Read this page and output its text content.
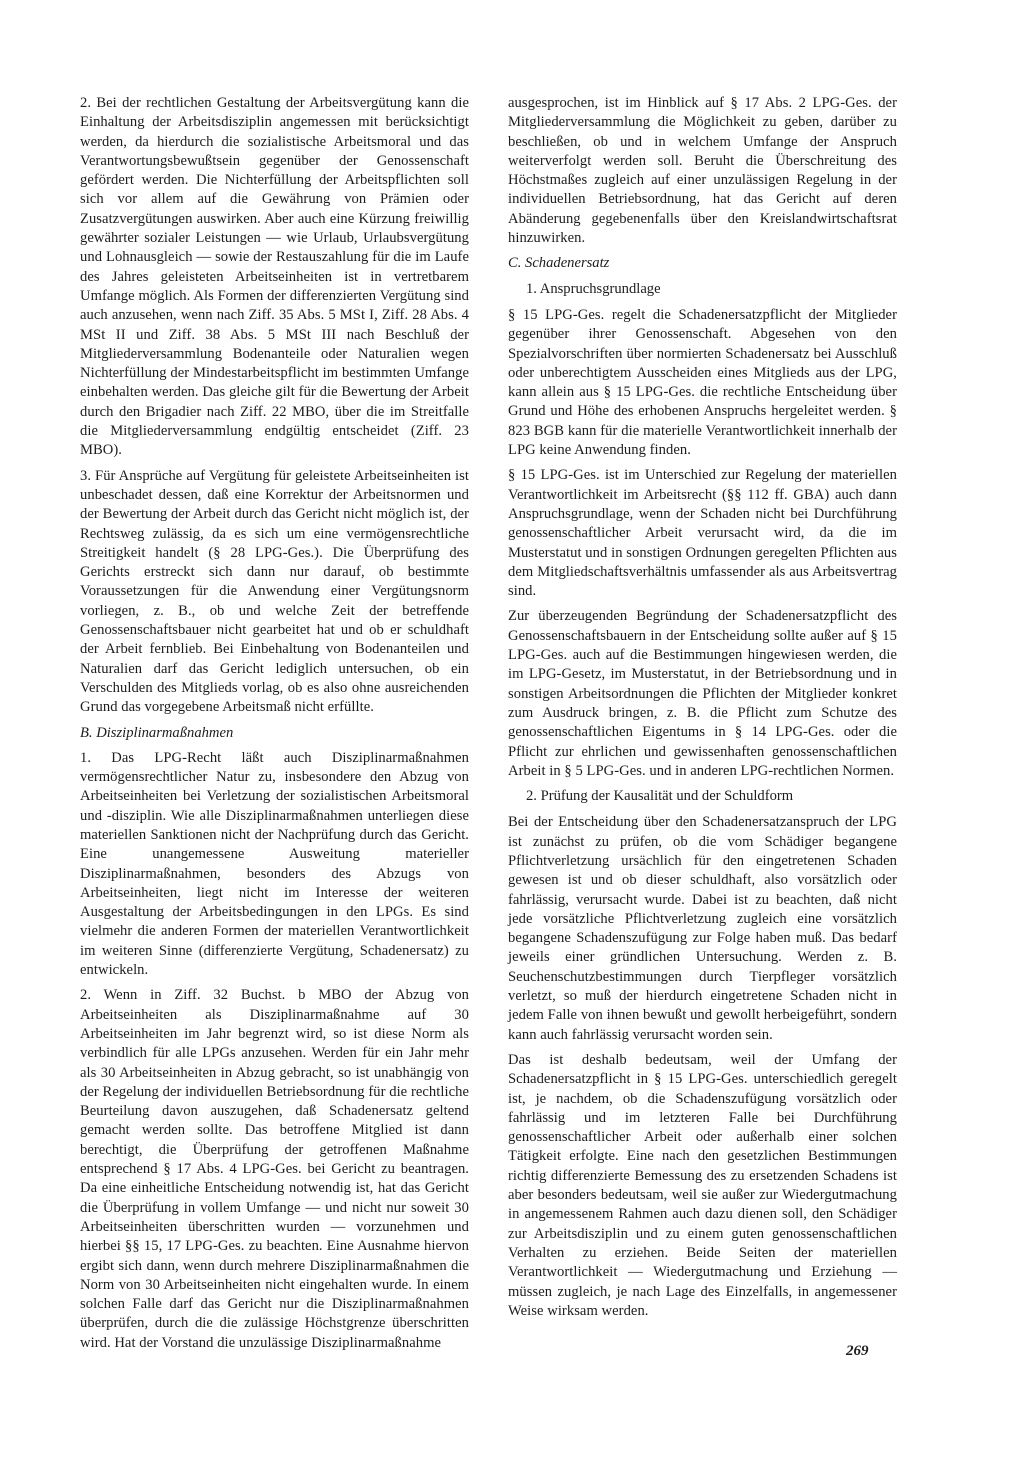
2. Bei der rechtlichen Gestaltung der Arbeitsvergütung kann die Einhaltung der Arbeitsdisziplin angemessen mit berücksichtigt werden, da hierdurch die sozialistische Arbeitsmoral und das Verantwortungsbewußtsein gegenüber der Genossenschaft gefördert werden. Die Nichterfüllung der Arbeitspflichten soll sich vor allem auf die Gewährung von Prämien oder Zusatzvergütungen auswirken. Aber auch eine Kürzung freiwillig gewährter sozialer Leistungen — wie Urlaub, Urlaubsvergütung und Lohnausgleich — sowie der Restauszahlung für die im Laufe des Jahres geleisteten Arbeitseinheiten ist in vertretbarem Umfange möglich. Als Formen der differenzierten Vergütung sind auch anzusehen, wenn nach Ziff. 35 Abs. 5 MSt I, Ziff. 28 Abs. 4 MSt II und Ziff. 38 Abs. 5 MSt III nach Beschluß der Mitgliederversammlung Bodenanteile oder Naturalien wegen Nichterfüllung der Mindestarbeitspflicht im bestimmten Umfange einbehalten werden. Das gleiche gilt für die Bewertung der Arbeit durch den Brigadier nach Ziff. 22 MBO, über die im Streitfalle die Mitgliederversammlung endgültig entscheidet (Ziff. 23 MBO).

3. Für Ansprüche auf Vergütung für geleistete Arbeitseinheiten ist unbeschadet dessen, daß eine Korrektur der Arbeitsnormen und der Bewertung der Arbeit durch das Gericht nicht möglich ist, der Rechtsweg zulässig, da es sich um eine vermögensrechtliche Streitigkeit handelt (§ 28 LPG-Ges.). Die Überprüfung des Gerichts erstreckt sich dann nur darauf, ob bestimmte Voraussetzungen für die Anwendung einer Vergütungsnorm vorliegen, z. B., ob und welche Zeit der betreffende Genossenschaftsbauer nicht gearbeitet hat und ob er schuldhaft der Arbeit fernblieb. Bei Einbehaltung von Bodenanteilen und Naturalien darf das Gericht lediglich untersuchen, ob ein Verschulden des Mitglieds vorlag, ob es also ohne ausreichenden Grund das vorgegebene Arbeitsmaß nicht erfüllte.

B. Disziplinarmaßnahmen

1. Das LPG-Recht läßt auch Disziplinarmaßnahmen vermögensrechtlicher Natur zu, insbesondere den Abzug von Arbeitseinheiten bei Verletzung der sozialistischen Arbeitsmoral und -disziplin. Wie alle Disziplinarmaßnahmen unterliegen diese materiellen Sanktionen nicht der Nachprüfung durch das Gericht. Eine unangemessene Ausweitung materieller Disziplinarmaßnahmen, besonders des Abzugs von Arbeitseinheiten, liegt nicht im Interesse der weiteren Ausgestaltung der Arbeitsbedingungen in den LPGs. Es sind vielmehr die anderen Formen der materiellen Verantwortlichkeit im weiteren Sinne (differenzierte Vergütung, Schadenersatz) zu entwickeln.

2. Wenn in Ziff. 32 Buchst. b MBO der Abzug von Arbeitseinheiten als Disziplinarmaßnahme auf 30 Arbeitseinheiten im Jahr begrenzt wird, so ist diese Norm als verbindlich für alle LPGs anzusehen. Werden für ein Jahr mehr als 30 Arbeitseinheiten in Abzug gebracht, so ist unabhängig von der Regelung der individuellen Betriebsordnung für die rechtliche Beurteilung davon auszugehen, daß Schadenersatz geltend gemacht werden sollte. Das betroffene Mitglied ist dann berechtigt, die Überprüfung der getroffenen Maßnahme entsprechend § 17 Abs. 4 LPG-Ges. bei Gericht zu beantragen. Da eine einheitliche Entscheidung notwendig ist, hat das Gericht die Überprüfung in vollem Umfange — und nicht nur soweit 30 Arbeitseinheiten überschritten wurden — vorzunehmen und hierbei §§ 15, 17 LPG-Ges. zu beachten. Eine Ausnahme hiervon ergibt sich dann, wenn durch mehrere Disziplinarmaßnahmen die Norm von 30 Arbeitseinheiten nicht eingehalten wurde. In einem solchen Falle darf das Gericht nur die Disziplinarmaßnahmen überprüfen, durch die die zulässige Höchstgrenze überschritten wird. Hat der Vorstand die unzulässige Disziplinarmaßnahme

ausgesprochen, ist im Hinblick auf § 17 Abs. 2 LPG-Ges. der Mitgliederversammlung die Möglichkeit zu geben, darüber zu beschließen, ob und in welchem Umfange der Anspruch weiterverfolgt werden soll. Beruht die Überschreitung des Höchstmaßes zugleich auf einer unzulässigen Regelung in der individuellen Betriebsordnung, hat das Gericht auf deren Abänderung gegebenenfalls über den Kreislandwirtschaftsrat hinzuwirken.

C. Schadenersatz
1. Anspruchsgrundlage

§ 15 LPG-Ges. regelt die Schadenersatzpflicht der Mitglieder gegenüber ihrer Genossenschaft. Abgesehen von den Spezialvorschriften über normierten Schadenersatz bei Ausschluß oder unberechtigtem Ausscheiden eines Mitglieds aus der LPG, kann allein aus § 15 LPG-Ges. die rechtliche Entscheidung über Grund und Höhe des erhobenen Anspruchs hergeleitet werden. § 823 BGB kann für die materielle Verantwortlichkeit innerhalb der LPG keine Anwendung finden.

§ 15 LPG-Ges. ist im Unterschied zur Regelung der materiellen Verantwortlichkeit im Arbeitsrecht (§§ 112 ff. GBA) auch dann Anspruchsgrundlage, wenn der Schaden nicht bei Durchführung genossenschaftlicher Arbeit verursacht wird, da die im Musterstatut und in sonstigen Ordnungen geregelten Pflichten aus dem Mitgliedschaftsverhältnis umfassender als aus Arbeitsvertrag sind.

Zur überzeugenden Begründung der Schadenersatzpflicht des Genossenschaftsbauern in der Entscheidung sollte außer auf § 15 LPG-Ges. auch auf die Bestimmungen hingewiesen werden, die im LPG-Gesetz, im Musterstatut, in der Betriebsordnung und in sonstigen Arbeitsordnungen die Pflichten der Mitglieder konkret zum Ausdruck bringen, z. B. die Pflicht zum Schutze des genossenschaftlichen Eigentums in § 14 LPG-Ges. oder die Pflicht zur ehrlichen und gewissenhaften genossenschaftlichen Arbeit in § 5 LPG-Ges. und in anderen LPG-rechtlichen Normen.

2. Prüfung der Kausalität und der Schuldform

Bei der Entscheidung über den Schadenersatzanspruch der LPG ist zunächst zu prüfen, ob die vom Schädiger begangene Pflichtverletzung ursächlich für den eingetretenen Schaden gewesen ist und ob dieser schuldhaft, also vorsätzlich oder fahrlässig, verursacht wurde. Dabei ist zu beachten, daß nicht jede vorsätzliche Pflichtverletzung zugleich eine vorsätzlich begangene Schadenszufügung zur Folge haben muß. Das bedarf jeweils einer gründlichen Untersuchung. Werden z. B. Seuchenschutzbestimmungen durch Tierpfleger vorsätzlich verletzt, so muß der hierdurch eingetretene Schaden nicht in jedem Falle von ihnen bewußt und gewollt herbeigeführt, sondern kann auch fahrlässig verursacht worden sein.

Das ist deshalb bedeutsam, weil der Umfang der Schadenersatzpflicht in § 15 LPG-Ges. unterschiedlich geregelt ist, je nachdem, ob die Schadenszufügung vorsätzlich oder fahrlässig und im letzteren Falle bei Durchführung genossenschaftlicher Arbeit oder außerhalb einer solchen Tätigkeit erfolgte. Eine nach den gesetzlichen Bestimmungen richtig differenzierte Bemessung des zu ersetzenden Schadens ist aber besonders bedeutsam, weil sie außer zur Wiedergutmachung in angemessenem Rahmen auch dazu dienen soll, den Schädiger zur Arbeitsdisziplin und zu einem guten genossenschaftlichen Verhalten zu erziehen. Beide Seiten der materiellen Verantwortlichkeit — Wiedergutmachung und Erziehung — müssen zugleich, je nach Lage des Einzelfalls, in angemessener Weise wirksam werden.

269
